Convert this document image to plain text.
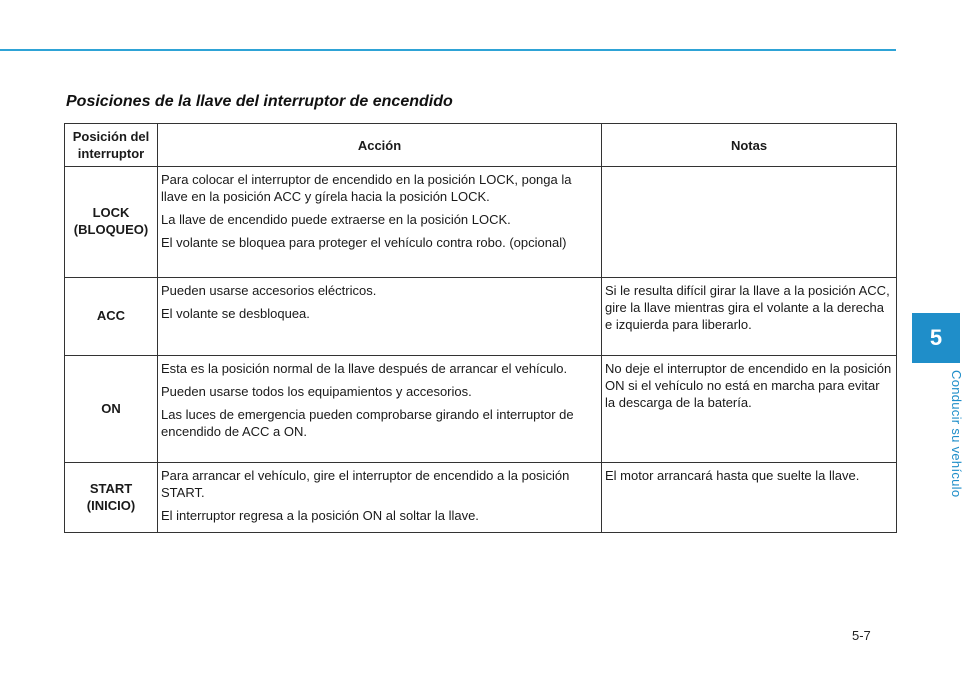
Posiciones de la llave del interruptor de encendido
Posición del interruptor	Acción	Notas
LOCK (BLOQUEO)	Para colocar el interruptor de encendido en la posición LOCK, ponga la llave en la posición ACC y gírela hacia la posición LOCK.

La llave de encendido puede extraerse en la posición LOCK.

El volante se bloquea para proteger el vehículo contra robo. (opcional)	

ACC	Pueden usarse accesorios eléctricos.

El volante se desbloquea.	Si le resulta difícil girar la llave a la posición ACC, gire la llave mientras gira el volante a la derecha e izquierda para liberarlo.
ON	Esta es la posición normal de la llave después de arrancar el vehículo.

Pueden usarse todos los equipamientos y accesorios.

Las luces de emergencia pueden comprobarse girando el interruptor de encendido de ACC a ON.	No deje el interruptor de encendido en la posición ON si el vehículo no está en marcha para evitar la descarga de la batería.
START (INICIO)	Para arrancar el vehículo, gire el interruptor de encendido a la posición START.

El interruptor regresa a la posición ON al soltar la llave.	El motor arrancará hasta que suelte la llave.
5
Conducir su vehículo
5-7
